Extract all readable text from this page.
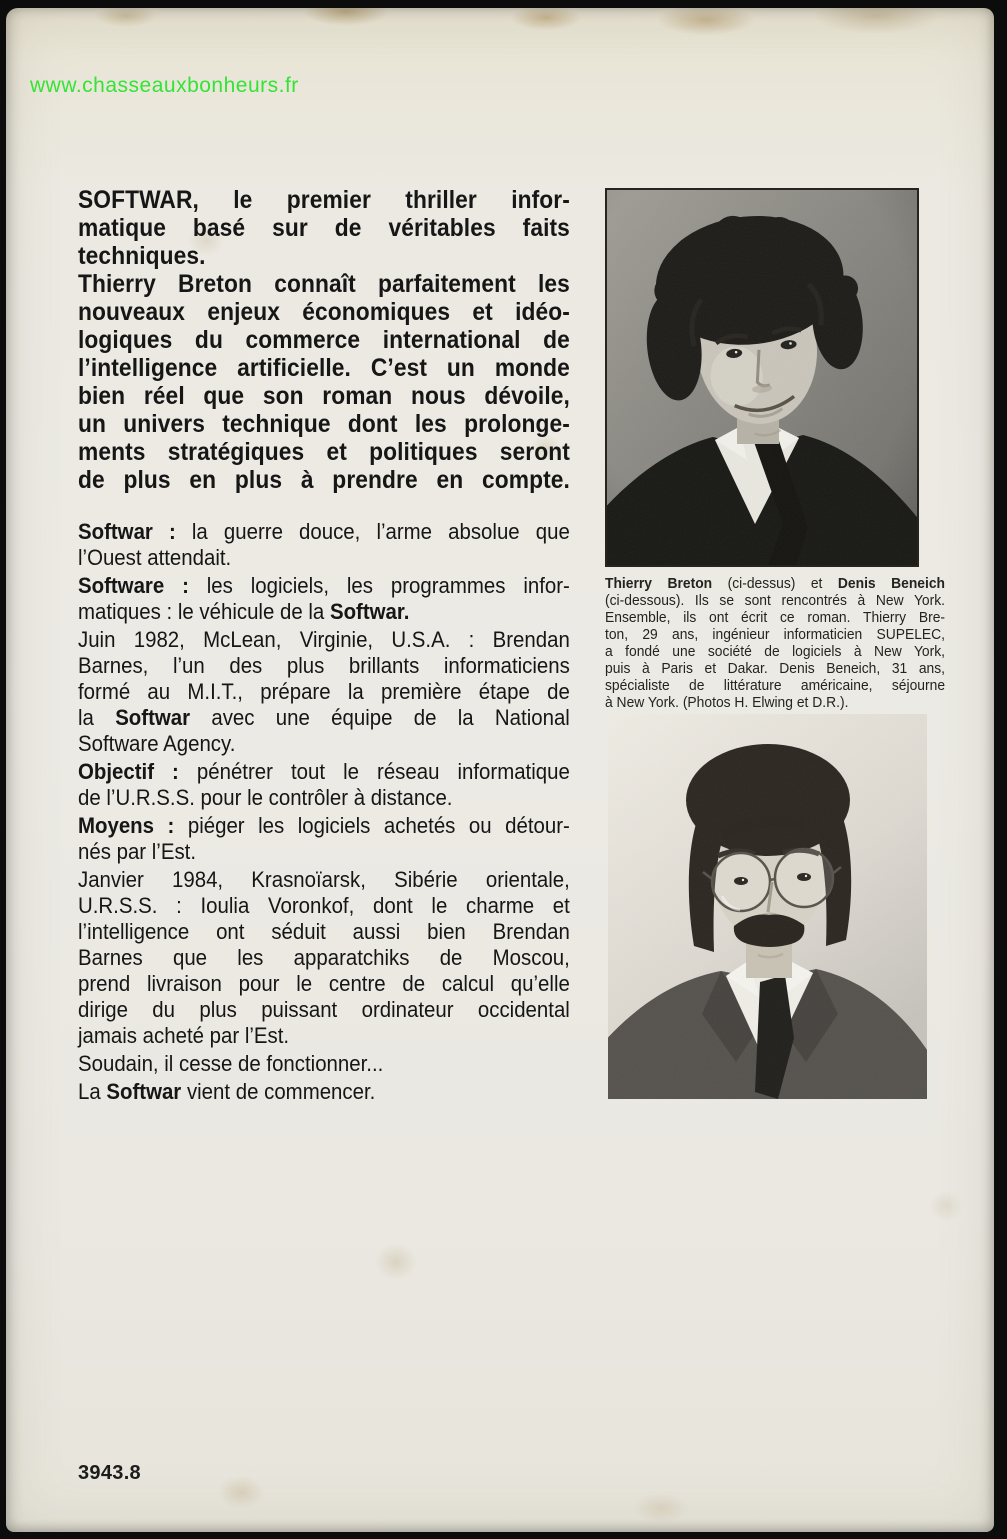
www.chasseauxbonheurs.fr
SOFTWAR, le premier thriller infor-
matique basé sur de véritables faits
techniques.
Thierry Breton connaît parfaitement les
nouveaux enjeux économiques et idéo-
logiques du commerce international de
l’intelligence artificielle. C’est un monde
bien réel que son roman nous dévoile,
un univers technique dont les prolonge-
ments stratégiques et politiques seront
de plus en plus à prendre en compte.
Softwar : la guerre douce, l’arme absolue que
l’Ouest attendait.
Software : les logiciels, les programmes infor-
matiques : le véhicule de la Softwar.
Juin 1982, McLean, Virginie, U.S.A. : Brendan
Barnes, l’un des plus brillants informaticiens
formé au M.I.T., prépare la première étape de
la Softwar avec une équipe de la National
Software Agency.
Objectif : pénétrer tout le réseau informatique
de l’U.R.S.S. pour le contrôler à distance.
Moyens : piéger les logiciels achetés ou détour-
nés par l’Est.
Janvier 1984, Krasnoïarsk, Sibérie orientale,
U.R.S.S. : Ioulia Voronkof, dont le charme et
l’intelligence ont séduit aussi bien Brendan
Barnes que les apparatchiks de Moscou,
prend livraison pour le centre de calcul qu’elle
dirige du plus puissant ordinateur occidental
jamais acheté par l’Est.
Soudain, il cesse de fonctionner...
La Softwar vient de commencer.
Thierry Breton (ci-dessus) et Denis Beneich
(ci-dessous). Ils se sont rencontrés à New York.
Ensemble, ils ont écrit ce roman. Thierry Bre-
ton, 29 ans, ingénieur informaticien SUPELEC,
a fondé une société de logiciels à New York,
puis à Paris et Dakar. Denis Beneich, 31 ans,
spécialiste de littérature américaine, séjourne
à New York. (Photos H. Elwing et D.R.).
3943.8
